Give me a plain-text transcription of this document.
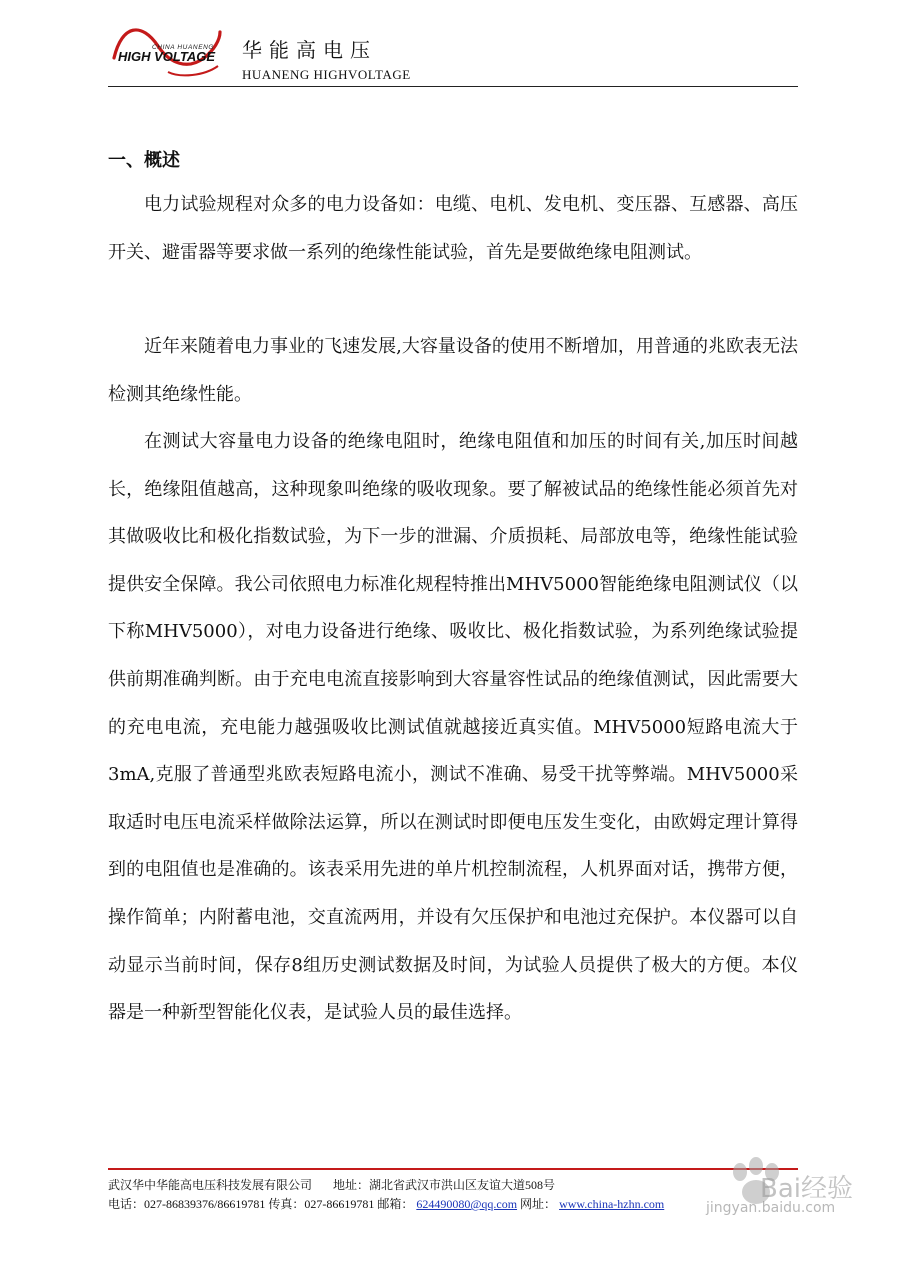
CHINA HUANENG
HIGH VOLTAGE 华能高电压
HUANENG HIGHVOLTAGE
一、概述

电力试验规程对众多的电力设备如：电缆、电机、发电机、变压器、互感器、高压开关、避雷器等要求做一系列的绝缘性能试验，首先是要做绝缘电阻测试。

近年来随着电力事业的飞速发展,大容量设备的使用不断增加，用普通的兆欧表无法检测其绝缘性能。

在测试大容量电力设备的绝缘电阻时，绝缘电阻值和加压的时间有关,加压时间越长，绝缘阻值越高，这种现象叫绝缘的吸收现象。要了解被试品的绝缘性能必须首先对其做吸收比和极化指数试验，为下一步的泄漏、介质损耗、局部放电等，绝缘性能试验提供安全保障。我公司依照电力标准化规程特推出MHV5000智能绝缘电阻测试仪（以下称MHV5000），对电力设备进行绝缘、吸收比、极化指数试验，为系列绝缘试验提供前期准确判断。由于充电电流直接影响到大容量容性试品的绝缘值测试，因此需要大的充电电流，充电能力越强吸收比测试值就越接近真实值。MHV5000短路电流大于3mA,克服了普通型兆欧表短路电流小，测试不准确、易受干扰等弊端。MHV5000采取适时电压电流采样做除法运算，所以在测试时即便电压发生变化，由欧姆定理计算得到的电阻值也是准确的。该表采用先进的单片机控制流程，人机界面对话，携带方便，操作简单；内附蓄电池，交直流两用，并设有欠压保护和电池过充保护。本仪器可以自动显示当前时间，保存8组历史测试数据及时间，为试验人员提供了极大的方便。本仪器是一种新型智能化仪表，是试验人员的最佳选择。

武汉华中华能高电压科技发展有限公司 地址：湖北省武汉市洪山区友谊大道508号
电话：027-86839376/86619781 传真：027-86619781 邮箱： 624490080@qq.com 网址： www.china-hzhn.com	Bai经验
jingyan.baidu.com
